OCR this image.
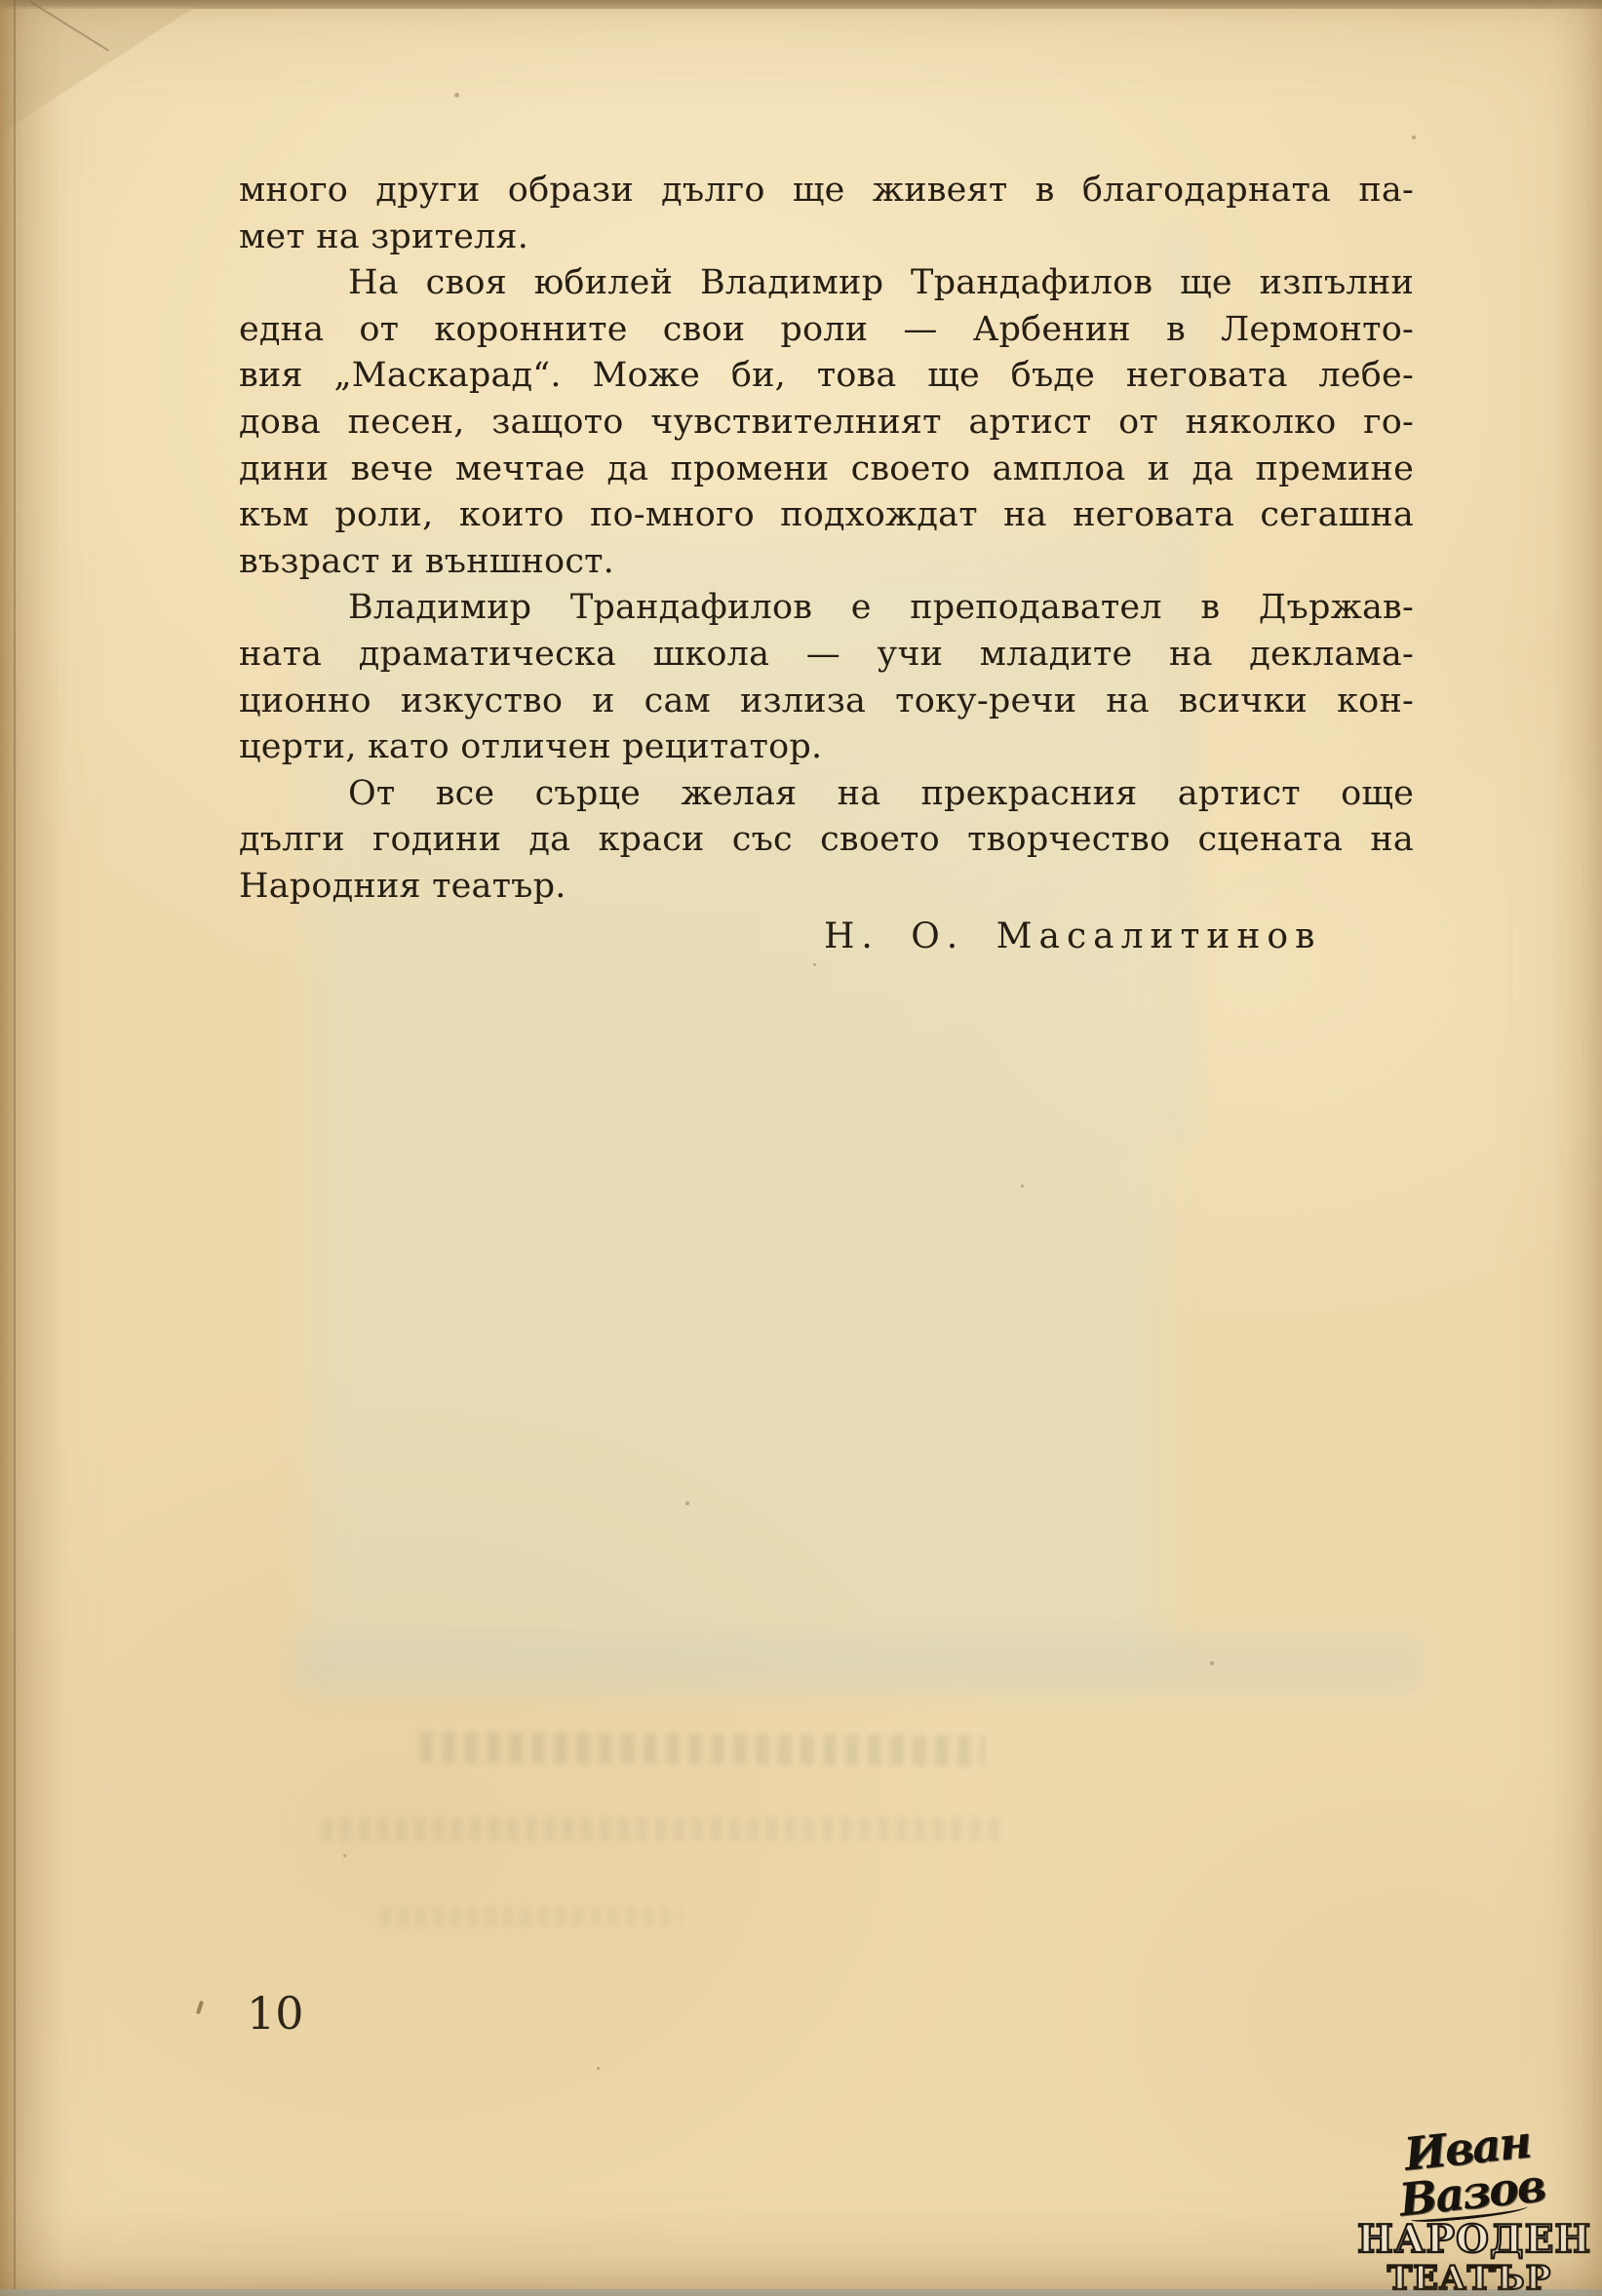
много други образи дълго ще живеят в благодарната па-
мет на зрителя.
На своя юбилей Владимир Трандафилов ще изпълни
една от коронните свои роли — Арбенин в Лермонто-
вия „Маскарад“. Може би, това ще бъде неговата лебе-
дова песен, защото чувствителният артист от няколко го-
дини вече мечтае да промени своето амплоа и да премине
към роли, които по-много подхождат на неговата сегашна
възраст и външност.
Владимир Трандафилов е преподавател в Държав-
ната драматическа школа — учи младите на деклама-
ционно изкуство и сам излиза току-речи на всички кон-
церти, като отличен рецитатор.
От все сърце желая на прекрасния артист още
дълги години да краси със своето творчество сцената на
Народния театър.
Н. О. Масалитинов
10
Иван Вазов
НАРОДЕН
ТЕАТЪР
